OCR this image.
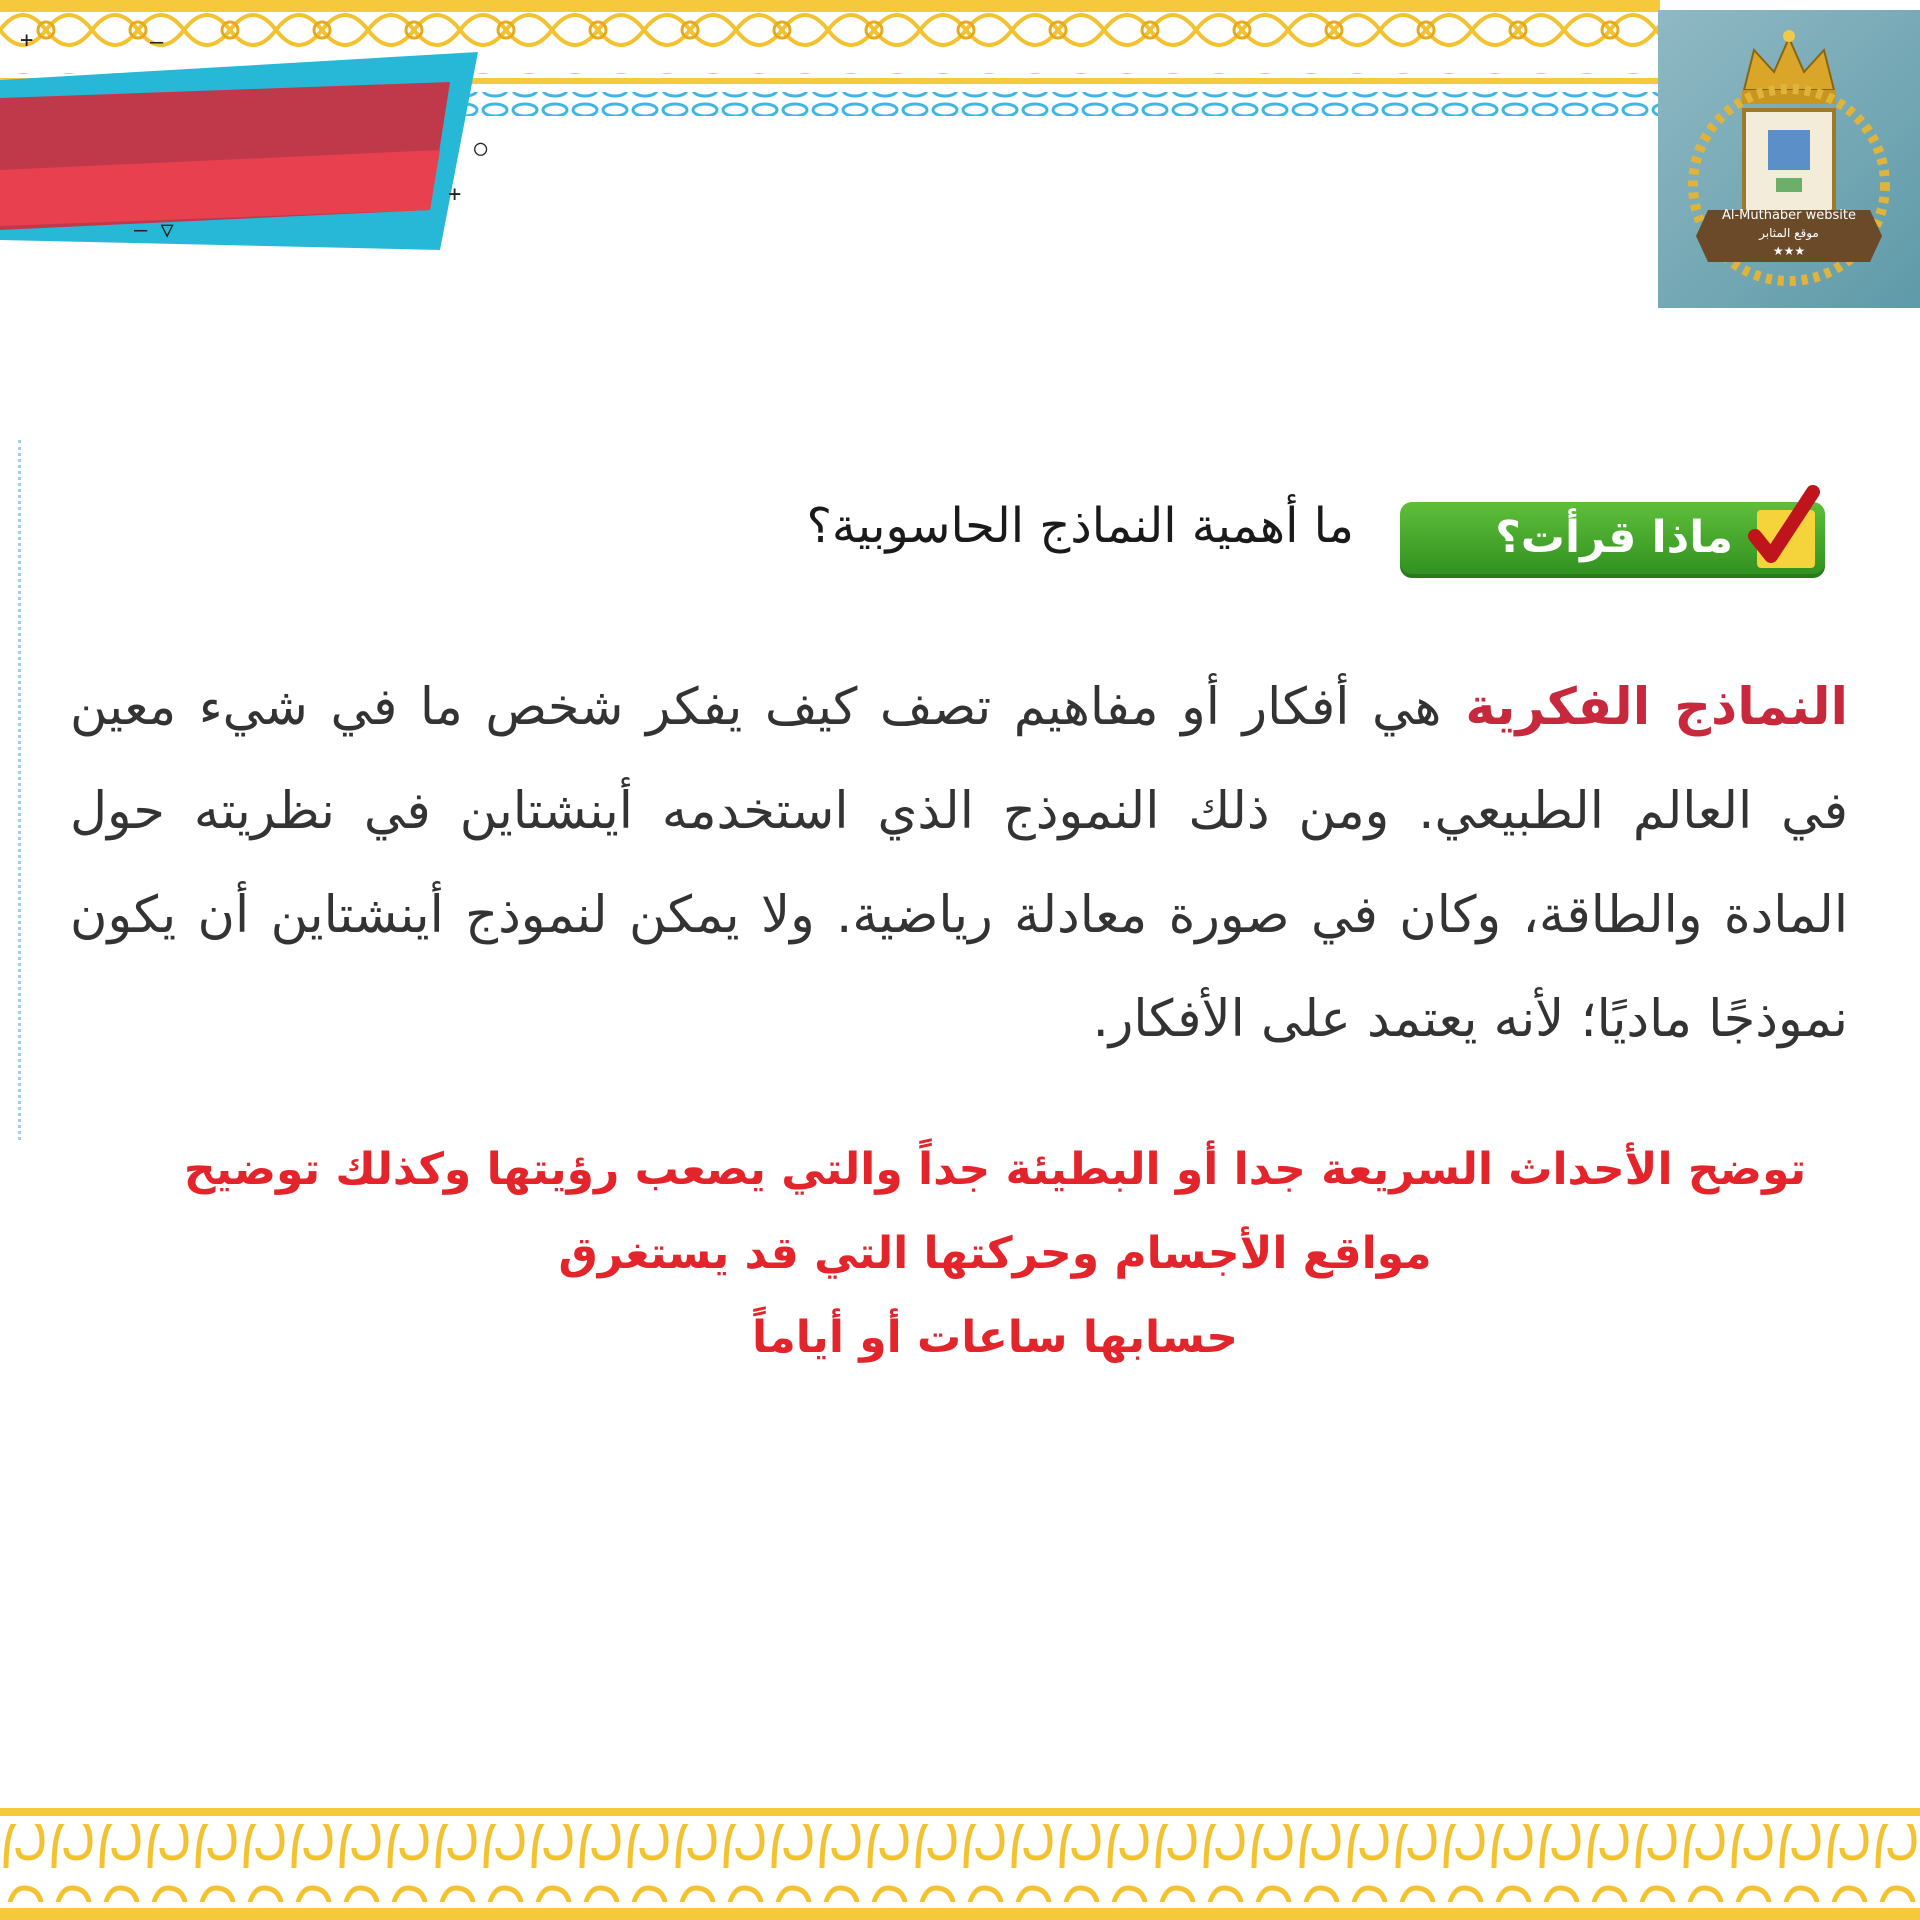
+	—
○
+
— ▽
Al-Muthaber website
موقع المثابر
★★★
ماذا قرأت؟
ما أهمية النماذج الحاسوبية؟
النماذج الفكريةهي أفكار أو مفاهيم تصف كيف يفكر شخص ما في شيء معين في العالم الطبيعي. ومن ذلك النموذج الذي استخدمه أينشتاين في نظريته حول المادة والطاقة، وكان في صورة معادلة رياضية. ولا يمكن لنموذج أينشتاين أن يكون نموذجًا ماديًا؛ لأنه يعتمد على الأفكار.
توضح الأحداث السريعة جدا أو البطيئة جداً والتي يصعب رؤيتها وكذلك توضيح
مواقع الأجسام وحركتها التي قد يستغرق
حسابها ساعات أو أياماً
